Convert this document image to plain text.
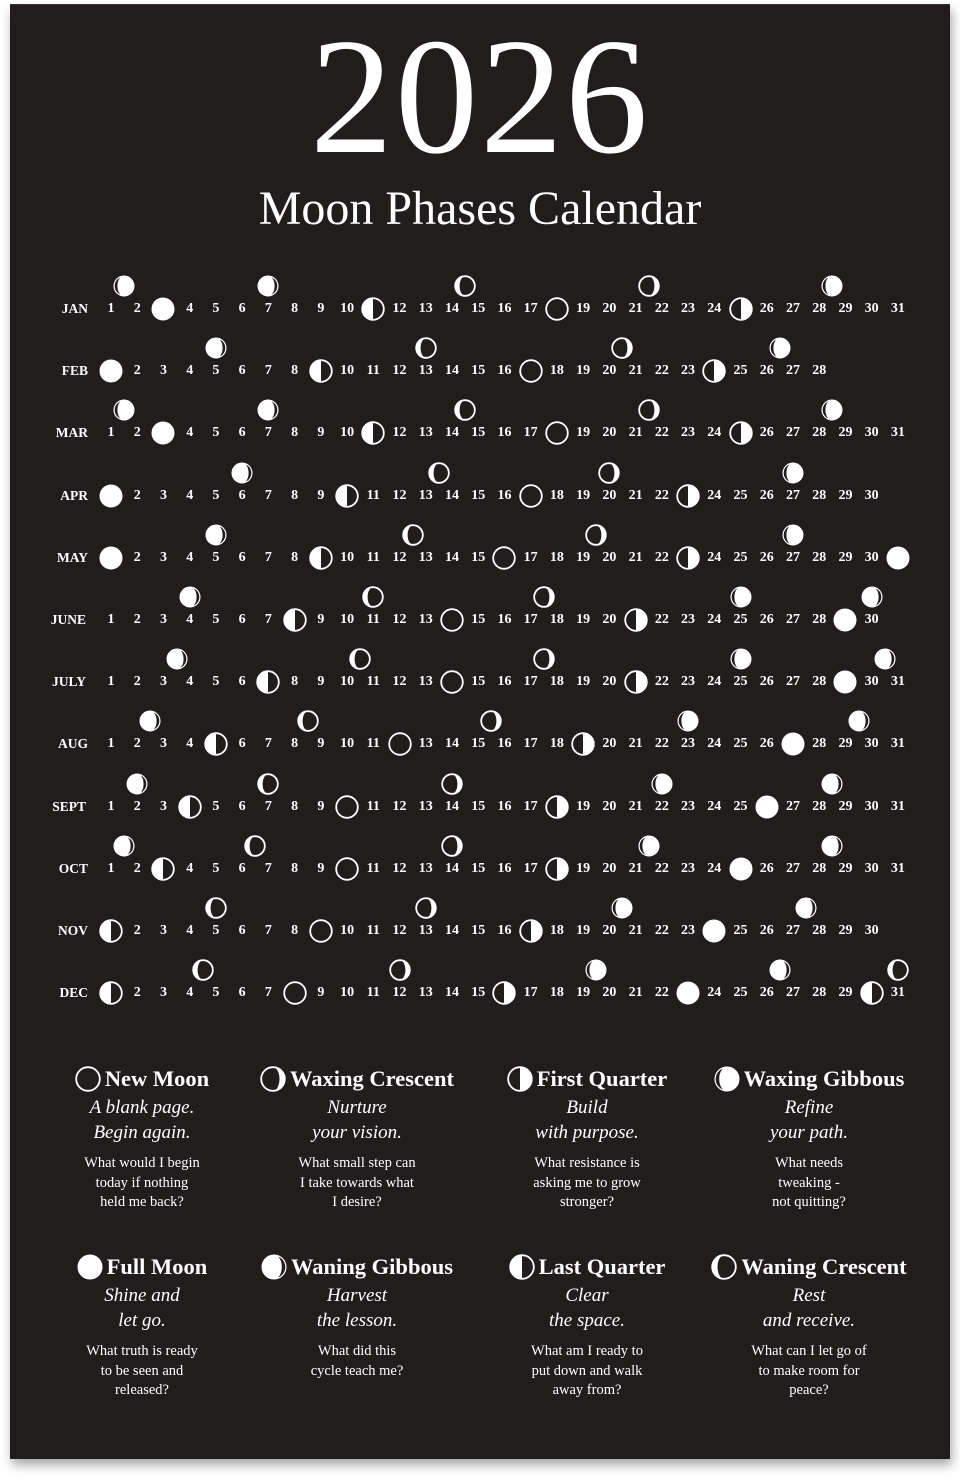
2026
Moon Phases Calendar
JAN	1	2	4	5	6	7	8	9	10	12 13 14 15 16 17	19 20 21 22 23 24	26 27 28 29 30 31
FEB	2	3	4	5	6	7	8	10 11 12 13 14 15 16	18 19 20 21 22 23	25 26 27 28
MAR	1	2	4	5	6	7	8	9	10	12 13 14 15 16 17	19 20 21 22 23 24	26 27 28 29 30 31
APR	2	3	4	5	6	7	8	9	11 12 13 14 15 16	18 19 20 21 22	24 25 26 27 28 29 30
MAY	2	3	4	5	6	7	8	10 11 12 13 14 15	17 18 19 20 21 22	24 25 26 27 28 29 30
JUNE	1	2	3	4	5	6	7	9	10 11 12 13	15 16 17 18 19 20	22 23 24 25 26 27 28	30
JULY	1	2	3	4	5	6	8	9	10 11 12 13	15 16 17 18 19 20	22 23 24 25 26 27 28	30 31
AUG	1	2	3	4	6	7	8	9	10 11	13 14 15 16 17 18	20 21 22 23 24 25 26	28 29 30 31
SEPT	1	2	3	5	6	7	8	9	11 12 13 14 15 16 17	19 20 21 22 23 24 25	27 28 29 30 31
OCT	1	2	4	5	6	7	8	9	11 12 13 14 15 16 17	19 20 21 22 23 24	26 27 28 29 30 31
NOV	2	3	4	5	6	7	8	10 11 12 13 14 15 16	18 19 20 21 22 23	25 26 27 28 29 30
DEC	2	3	4	5	6	7	9	10 11 12 13 14 15	17 18 19 20 21 22	24 25 26 27 28 29	31
New Moon
A blank page.
Begin again.
What would I begin
today if nothing
held me back?
Waxing Crescent
Nurture
your vision.
What small step can
I take towards what
I desire?
First Quarter
Build
with purpose.
What resistance is
asking me to grow
stronger?
Waxing Gibbous
Refine
your path.
What needs
tweaking -
not quitting?
Full Moon
Shine and
let go.
What truth is ready
to be seen and
released?
Waning Gibbous
Harvest
the lesson.
What did this
cycle teach me?
Last Quarter
Clear
the space.
What am I ready to
put down and walk
away from?
Waning Crescent
Rest
and receive.
What can I let go of
to make room for
peace?
